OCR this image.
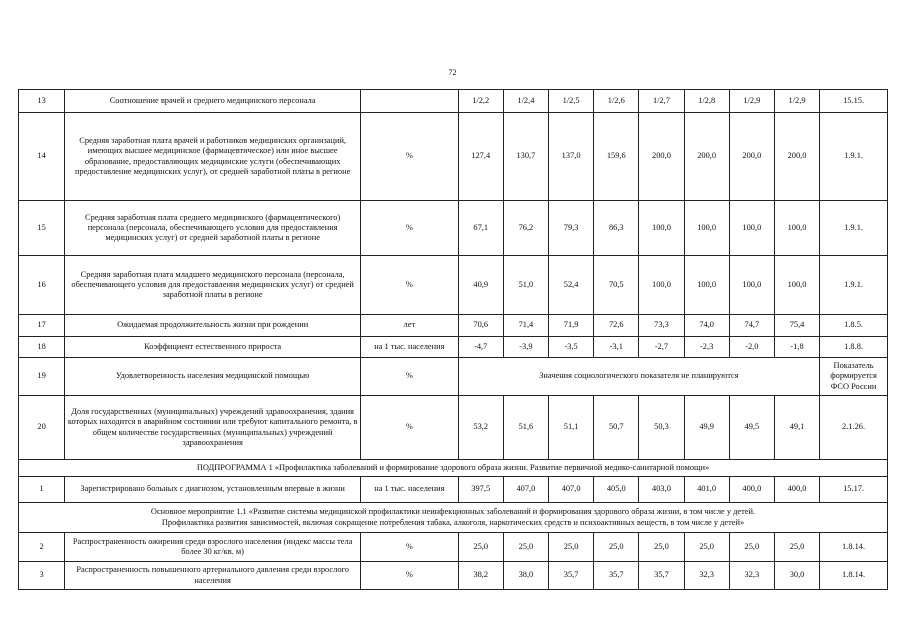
72
13	Соотношение врачей и среднего медицинского персонала		1/2,2	1/2,4	1/2,5	1/2,6	1/2,7	1/2,8	1/2,9	1/2,9	15.15.
14	Средняя заработная плата врачей и работников медицинских организаций, имеющих высшее медицинское (фармацевтическое) или иное высшее образование, предоставляющих медицинские услуги (обеспечивающих предоставление медицинских услуг), от средней заработной платы в регионе	%	127,4	130,7	137,0	159,6	200,0	200,0	200,0	200,0	1.9.1.
15	Средняя заработная плата среднего медицинского (фармацевтического) персонала (персонала, обеспечивающего условия для предоставления медицинских услуг) от средней заработной платы в регионе	%	67,1	76,2	79,3	86,3	100,0	100,0	100,0	100,0	1.9.1.
16	Средняя заработная плата младшего медицинского персонала (персонала, обеспечивающего условия для предоставления медицинских услуг) от средней заработной платы в регионе	%	40,9	51,0	52,4	70,5	100,0	100,0	100,0	100,0	1.9.1.
17	Ожидаемая продолжительность жизни при рождении	лет	70,6	71,4	71,9	72,6	73,3	74,0	74,7	75,4	1.8.5.
18	Коэффициент естественного прироста	на 1 тыс. населения	-4,7	-3,9	-3,5	-3,1	-2,7	-2,3	-2,0	-1,8	1.8.8.
19	Удовлетворенность населения медицинской помощью	%	Значения социологического показателя не планируются								Показатель формируется ФСО России
20	Доля государственных (муниципальных) учреждений здравоохранения, здания которых находится в аварийном состоянии или требуют капитального ремонта, в общем количестве государственных (муниципальных) учреждений здравоохранения	%	53,2	51,6	51,1	50,7	50,3	49,9	49,5	49,1	2.1.26.
ПОДПРОГРАММА 1 «Профилактика заболеваний и формирование здорового образа жизни. Развитие первичной медико-санитарной помощи»											
1	Зарегистрировано больных с диагнозом, установленным впервые в жизни	на 1 тыс. населения	397,5	407,0	407,0	405,0	403,0	401,0	400,0	400,0	15.17.

Основное мероприятие 1.1 «Развитие системы медицинской профилактики неинфекционных заболеваний и формирования здорового образа жизни, в том числе у детей.
Профилактика развития зависимостей, включая сокращение потребления табака, алкоголя, наркотических средств и психоактивных веществ, в том числе у детей»											

2	Распространенность ожирения среди взрослого населения (индекс массы тела более 30 кг/кв. м)	%	25,0	25,0	25,0	25,0	25,0	25,0	25,0	25,0	1.8.14.
3	Распространенность повышенного артериального давления среди взрослого населения	%	38,2	38,0	35,7	35,7	35,7	32,3	32,3	30,0	1.8.14.
